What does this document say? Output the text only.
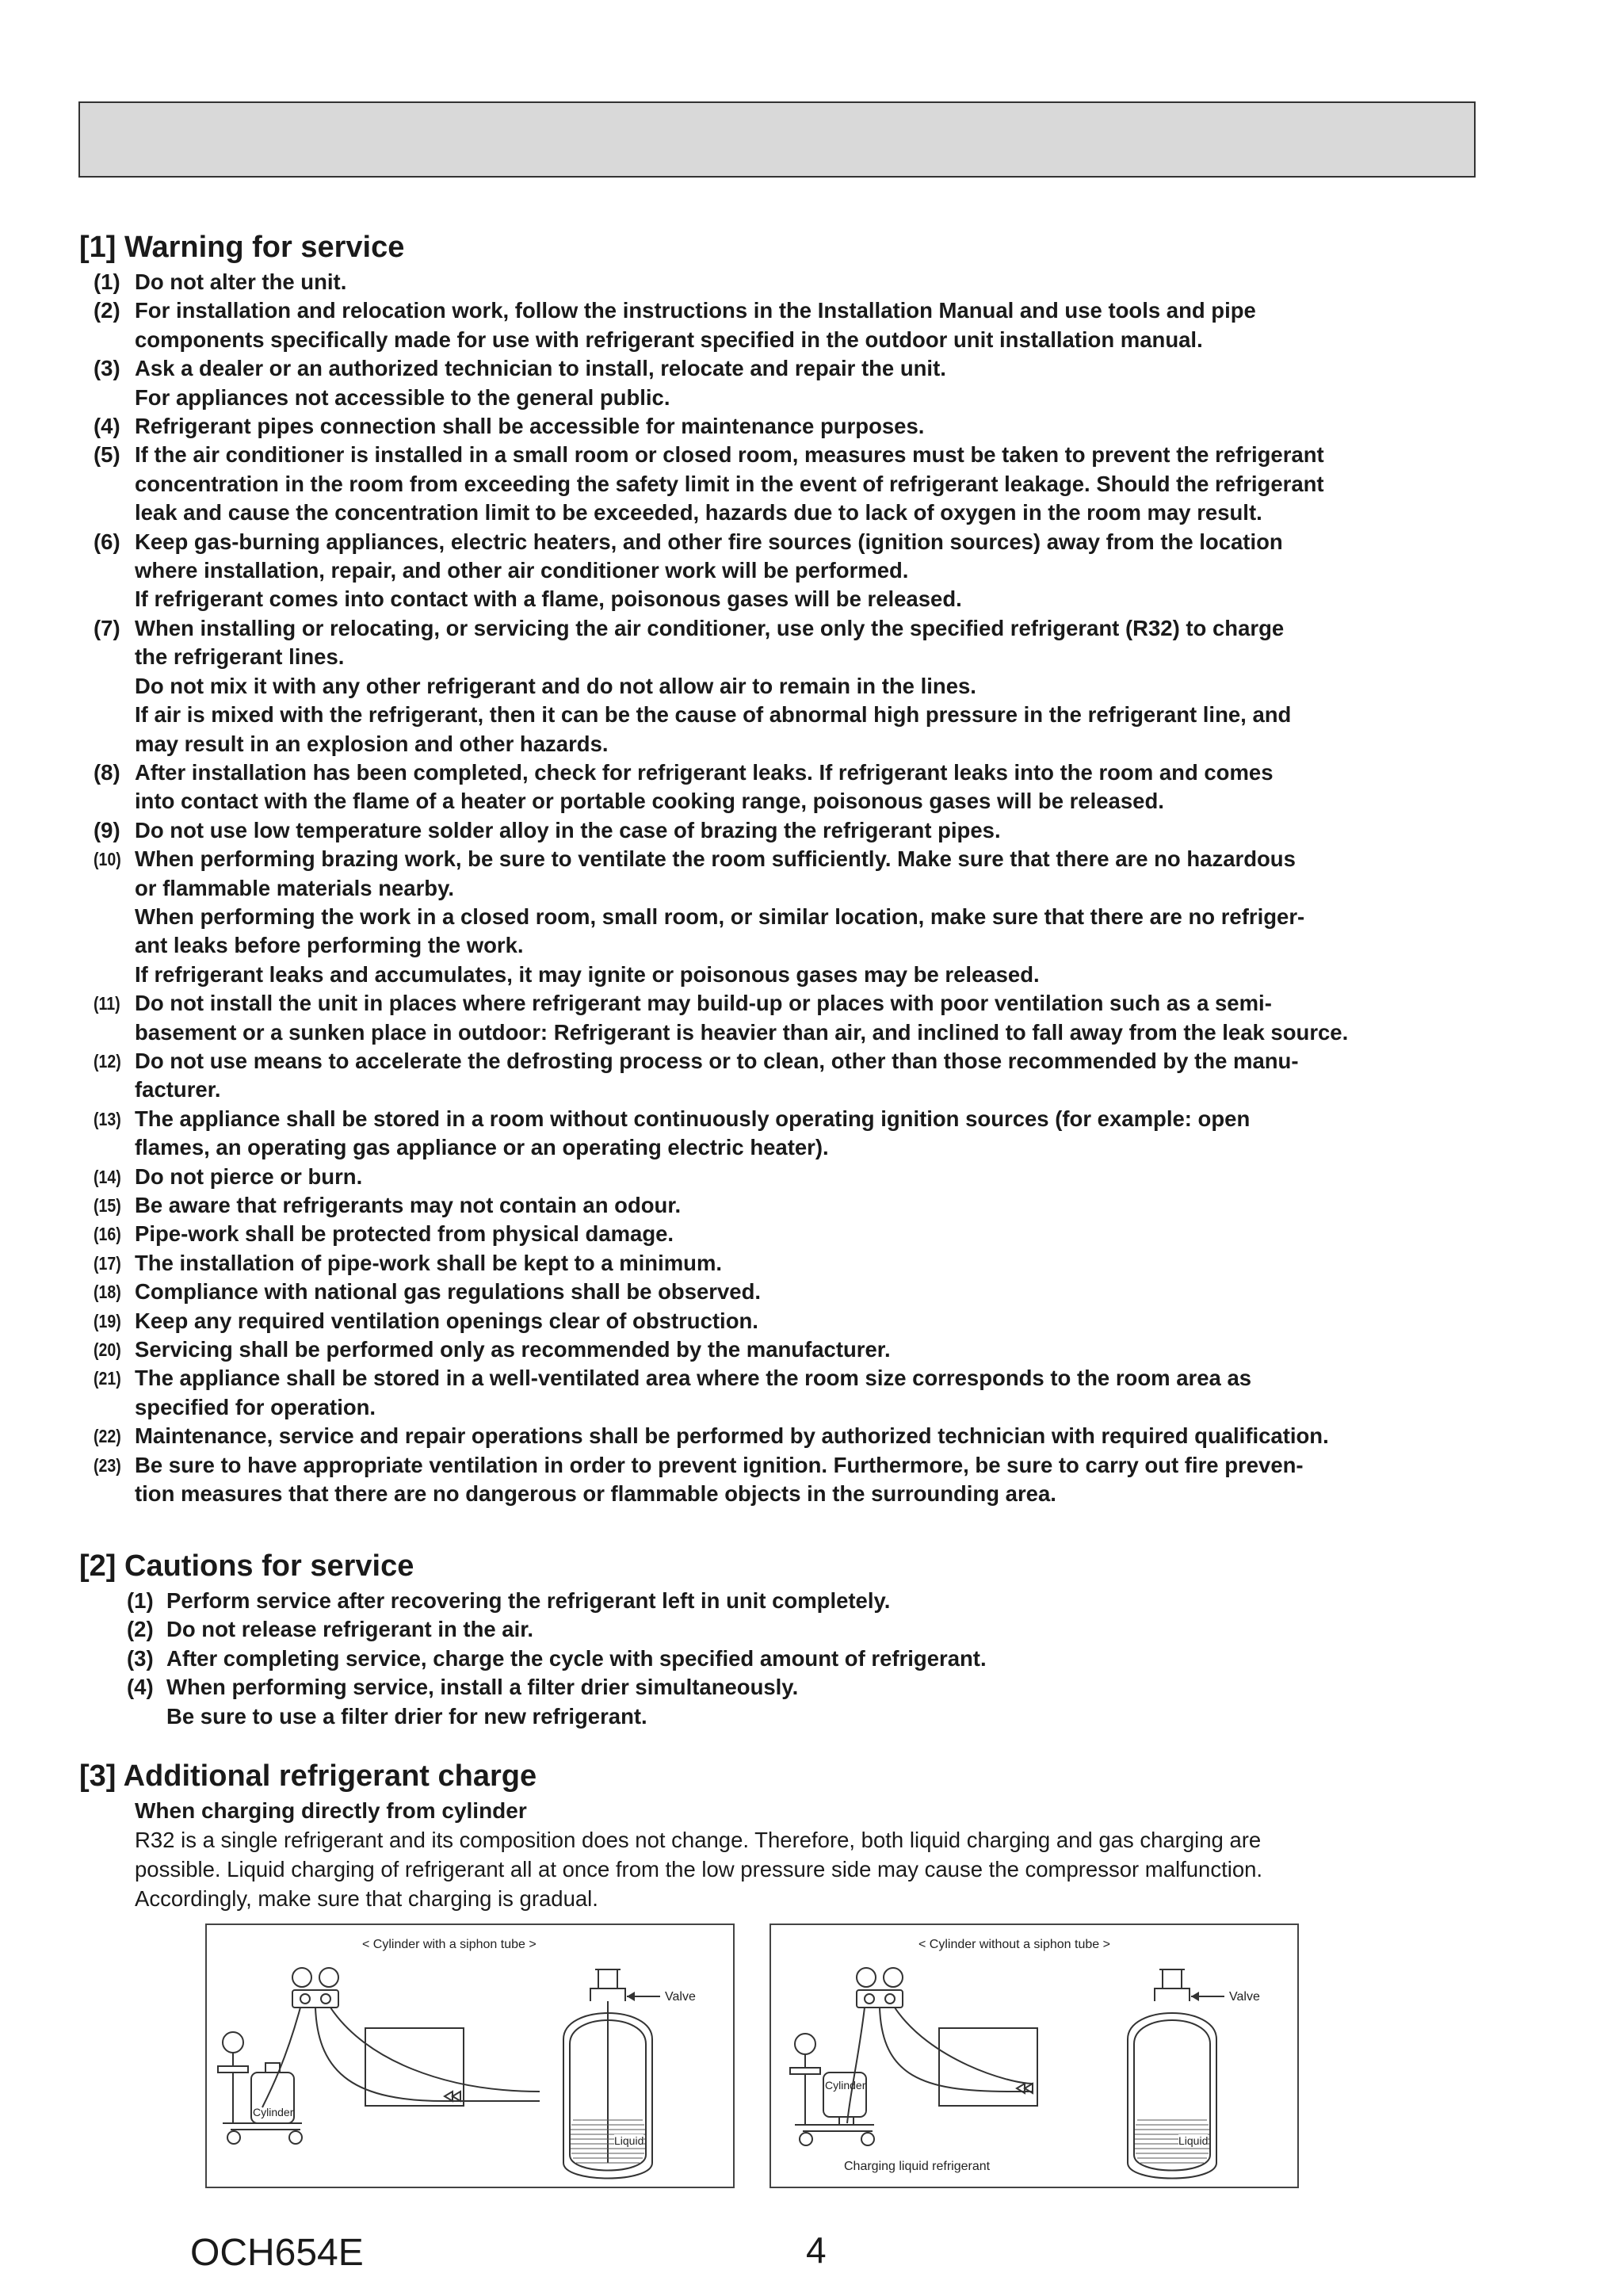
[1] Warning for service
(1) Do not alter the unit.
(2) For installation and relocation work, follow the instructions in the Installation Manual and use tools and pipe
components specifically made for use with refrigerant specified in the outdoor unit installation manual.
(3) Ask a dealer or an authorized technician to install, relocate and repair the unit.
For appliances not accessible to the general public.
(4) Refrigerant pipes connection shall be accessible for maintenance purposes.
(5) If the air conditioner is installed in a small room or closed room, measures must be taken to prevent the refrigerant
concentration in the room from exceeding the safety limit in the event of refrigerant leakage. Should the refrigerant
leak and cause the concentration limit to be exceeded, hazards due to lack of oxygen in the room may result.
(6) Keep gas-burning appliances, electric heaters, and other fire sources (ignition sources) away from the location
where installation, repair, and other air conditioner work will be performed.
If refrigerant comes into contact with a flame, poisonous gases will be released.
(7) When installing or relocating, or servicing the air conditioner, use only the specified refrigerant (R32) to charge
the refrigerant lines.
Do not mix it with any other refrigerant and do not allow air to remain in the lines.
If air is mixed with the refrigerant, then it can be the cause of abnormal high pressure in the refrigerant line, and
may result in an explosion and other hazards.
(8) After installation has been completed, check for refrigerant leaks. If refrigerant leaks into the room and comes
into contact with the flame of a heater or portable cooking range, poisonous gases will be released.
(9) Do not use low temperature solder alloy in the case of brazing the refrigerant pipes.
(10) When performing brazing work, be sure to ventilate the room sufficiently. Make sure that there are no hazardous
or flammable materials nearby.
When performing the work in a closed room, small room, or similar location, make sure that there are no refriger-
ant leaks before performing the work.
If refrigerant leaks and accumulates, it may ignite or poisonous gases may be released.
(11) Do not install the unit in places where refrigerant may build-up or places with poor ventilation such as a semi-
basement or a sunken place in outdoor: Refrigerant is heavier than air, and inclined to fall away from the leak source.
(12) Do not use means to accelerate the defrosting process or to clean, other than those recommended by the manu-
facturer.
(13) The appliance shall be stored in a room without continuously operating ignition sources (for example: open
flames, an operating gas appliance or an operating electric heater).
(14) Do not pierce or burn.
(15) Be aware that refrigerants may not contain an odour.
(16) Pipe-work shall be protected from physical damage.
(17) The installation of pipe-work shall be kept to a minimum.
(18) Compliance with national gas regulations shall be observed.
(19) Keep any required ventilation openings clear of obstruction.
(20) Servicing shall be performed only as recommended by the manufacturer.
(21) The appliance shall be stored in a well-ventilated area where the room size corresponds to the room area as
specified for operation.
(22) Maintenance, service and repair operations shall be performed by authorized technician with required qualification.
(23) Be sure to have appropriate ventilation in order to prevent ignition. Furthermore, be sure to carry out fire preven-
tion measures that there are no dangerous or flammable objects in the surrounding area.
[2] Cautions for service
(1) Perform service after recovering the refrigerant left in unit completely.
(2) Do not release refrigerant in the air.
(3) After completing service, charge the cycle with specified amount of refrigerant.
(4) When performing service, install a filter drier simultaneously.
Be sure to use a filter drier for new refrigerant.
[3] Additional refrigerant charge
When charging directly from cylinder
R32 is a single refrigerant and its composition does not change. Therefore, both liquid charging and gas charging are
possible. Liquid charging of refrigerant all at once from the low pressure side may cause the compressor malfunction.
Accordingly, make sure that charging is gradual.
< Cylinder with a siphon tube >
Valve
Cylinder
Liquid
< Cylinder without a siphon tube >
Valve
Cylinder
Liquid
Charging liquid refrigerant
OCH654E	4
